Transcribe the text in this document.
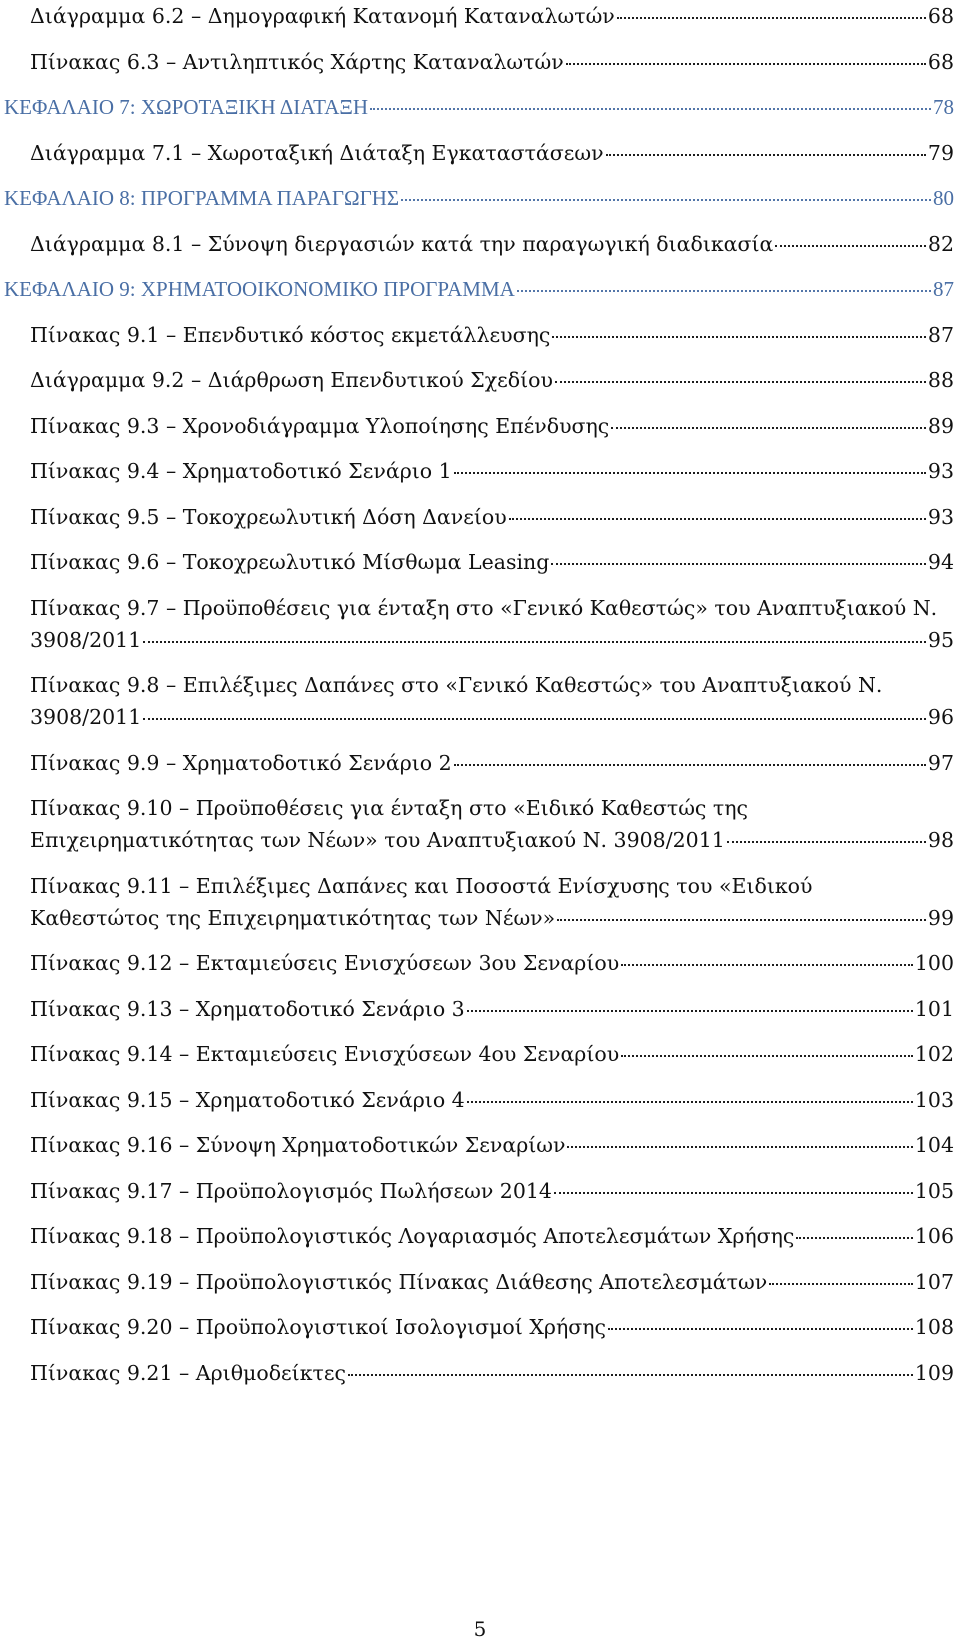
Διάγραμμα 6.2 – Δημογραφική Κατανομή Καταναλωτών	68
Πίνακας 6.3 – Αντιληπτικός Χάρτης Καταναλωτών	68
ΚΕΦΑΛΑΙΟ 7: ΧΩΡΟΤΑΞΙΚΗ ΔΙΑΤΑΞΗ	78
Διάγραμμα 7.1 – Χωροταξική Διάταξη Εγκαταστάσεων	79
ΚΕΦΑΛΑΙΟ 8: ΠΡΟΓΡΑΜΜΑ ΠΑΡΑΓΩΓΗΣ	80
Διάγραμμα 8.1 – Σύνοψη διεργασιών κατά την παραγωγική διαδικασία	82
ΚΕΦΑΛΑΙΟ 9: ΧΡΗΜΑΤΟΟΙΚΟΝΟΜΙΚΟ ΠΡΟΓΡΑΜΜΑ	87
Πίνακας 9.1 – Επενδυτικό κόστος εκμετάλλευσης	87
Διάγραμμα 9.2 – Διάρθρωση Επενδυτικού Σχεδίου	88
Πίνακας 9.3 – Χρονοδιάγραμμα Υλοποίησης Επένδυσης	89
Πίνακας 9.4 – Χρηματοδοτικό Σενάριο 1	93
Πίνακας 9.5 – Τοκοχρεωλυτική Δόση Δανείου	93
Πίνακας 9.6 – Τοκοχρεωλυτικό Μίσθωμα Leasing	94
Πίνακας 9.7 – Προϋποθέσεις για ένταξη στο «Γενικό Καθεστώς» του Αναπτυξιακού Ν.
3908/2011	95
Πίνακας 9.8 – Επιλέξιμες Δαπάνες στο «Γενικό Καθεστώς» του Αναπτυξιακού Ν.
3908/2011	96
Πίνακας 9.9 – Χρηματοδοτικό Σενάριο 2	97
Πίνακας 9.10 – Προϋποθέσεις για ένταξη στο «Ειδικό Καθεστώς της
Επιχειρηματικότητας των Νέων» του Αναπτυξιακού Ν. 3908/2011	98
Πίνακας 9.11 – Επιλέξιμες Δαπάνες και Ποσοστά Ενίσχυσης του «Ειδικού
Καθεστώτος της Επιχειρηματικότητας των Νέων»	99
Πίνακας 9.12 – Εκταμιεύσεις Ενισχύσεων 3ου Σεναρίου	100
Πίνακας 9.13 – Χρηματοδοτικό Σενάριο 3	101
Πίνακας 9.14 – Εκταμιεύσεις Ενισχύσεων 4ου Σεναρίου	102
Πίνακας 9.15 – Χρηματοδοτικό Σενάριο 4	103
Πίνακας 9.16 – Σύνοψη Χρηματοδοτικών Σεναρίων	104
Πίνακας 9.17 – Προϋπολογισμός Πωλήσεων 2014	105
Πίνακας 9.18 – Προϋπολογιστικός Λογαριασμός Αποτελεσμάτων Χρήσης	106
Πίνακας 9.19 – Προϋπολογιστικός Πίνακας Διάθεσης Αποτελεσμάτων	107
Πίνακας 9.20 – Προϋπολογιστικοί Ισολογισμοί Χρήσης	108
Πίνακας 9.21 – Αριθμοδείκτες	109
5
